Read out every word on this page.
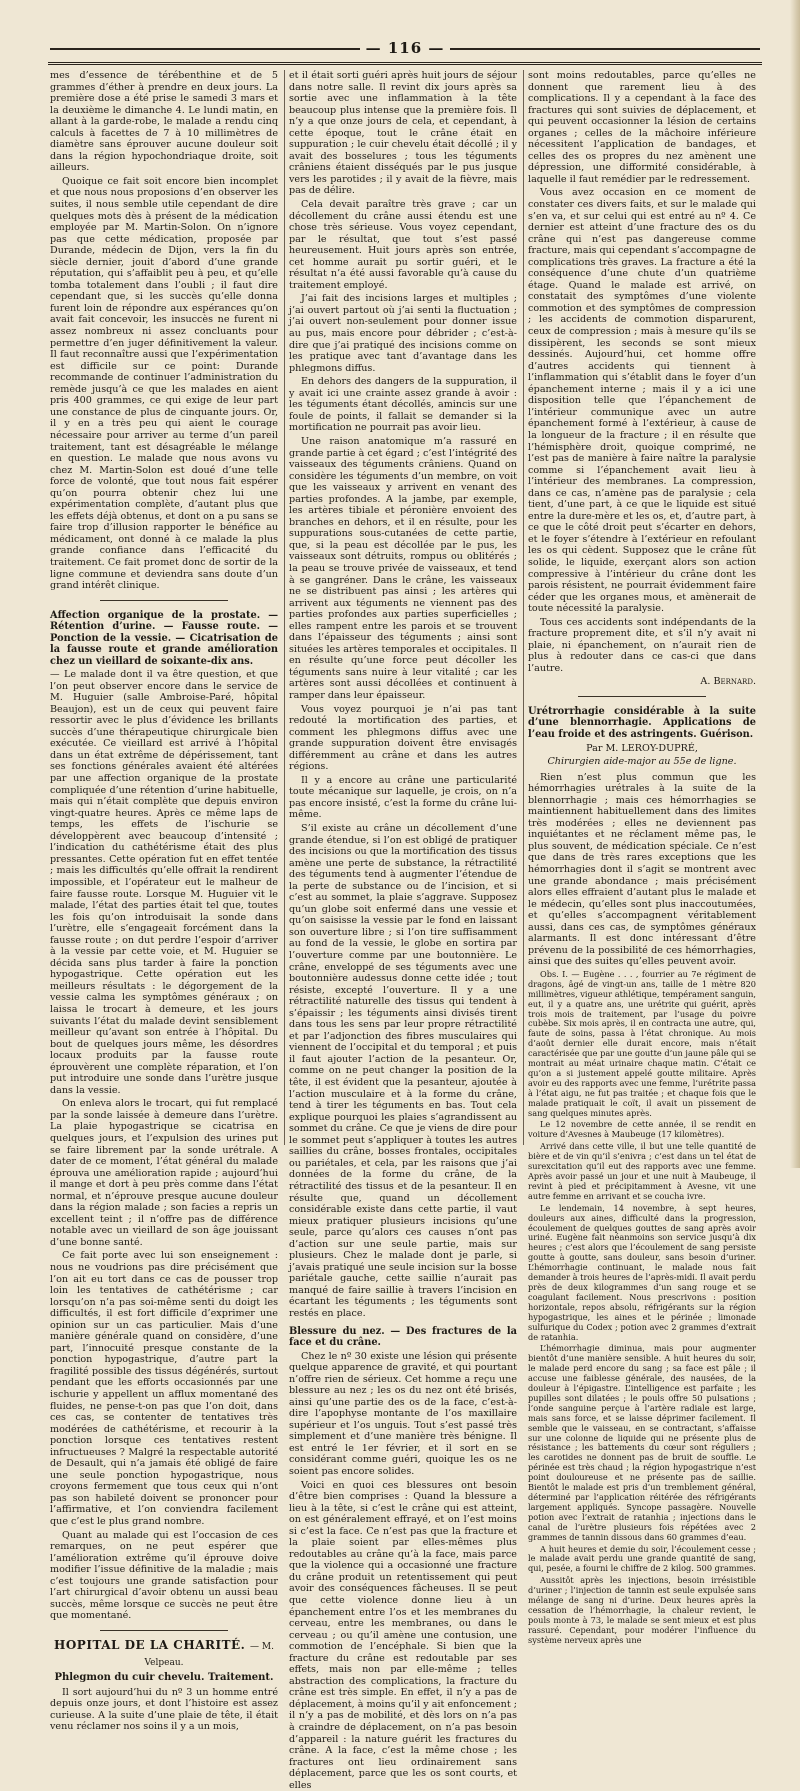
— 116 —

mes d’essence de térébenthine et de 5 grammes d’éther à prendre en deux jours. La première dose a été prise le samedi 3 mars et la deuxième le dimanche 4. Le lundi matin, en allant à la garde-robe, le malade a rendu cinq calculs à facettes de 7 à 10 millimètres de diamètre sans éprouver aucune douleur soit dans la région hypochondriaque droite, soit ailleurs.

Quoique ce fait soit encore bien incomplet et que nous nous proposions d’en observer les suites, il nous semble utile cependant de dire quelques mots dès à présent de la médication employée par M. Martin-Solon. On n’ignore pas que cette médication, proposée par Durande, médecin de Dijon, vers la fin du siècle dernier, jouit d’abord d’une grande réputation, qui s’affaiblit peu à peu, et qu’elle tomba totalement dans l’oubli ; il faut dire cependant que, si les succès qu’elle donna furent loin de répondre aux espérances qu’on avait fait concevoir, les insuccès ne furent ni assez nombreux ni assez concluants pour permettre d’en juger définitivement la valeur. Il faut reconnaître aussi que l’expérimentation est difficile sur ce point: Durande recommande de continuer l’administration du remède jusqu’à ce que les malades en aient pris 400 grammes, ce qui exige de leur part une constance de plus de cinquante jours. Or, il y en a très peu qui aient le courage nécessaire pour arriver au terme d’un pareil traitement, tant est désagréable le mélange en question. Le malade que nous avons vu chez M. Martin-Solon est doué d’une telle force de volonté, que tout nous fait espérer qu’on pourra obtenir chez lui une expérimentation complète, d’autant plus que les effets déjà obtenus, et dont on a pu sans se faire trop d’illusion rapporter le bénéfice au médicament, ont donné à ce malade la plus grande confiance dans l’efficacité du traitement. Ce fait promet donc de sortir de la ligne commune et deviendra sans doute d’un grand intérêt clinique.

Affection organique de la prostate. — Rétention d’urine. — Fausse route. — Ponction de la vessie. — Cicatrisation de la fausse route et grande amélioration chez un vieillard de soixante-dix ans.

— Le malade dont il va être question, et que l’on peut observer encore dans le service de M. Huguier (salle Ambroise-Paré, hôpital Beaujon), est un de ceux qui peuvent faire ressortir avec le plus d’évidence les brillants succès d’une thérapeutique chirurgicale bien exécutée. Ce vieillard est arrivé à l’hôpital dans un état extrême de dépérissement, tant ses fonctions générales avaient été altérées par une affection organique de la prostate compliquée d’une rétention d’urine habituelle, mais qui n’était complète que depuis environ vingt-quatre heures. Après ce même laps de temps, les effets de l’ischurie se développèrent avec beaucoup d’intensité ; l’indication du cathétérisme était des plus pressantes. Cette opération fut en effet tentée ; mais les difficultés qu’elle offrait la rendirent impossible, et l’opérateur eut le malheur de faire fausse route. Lorsque M. Huguier vit le malade, l’état des parties était tel que, toutes les fois qu’on introduisait la sonde dans l’urètre, elle s’engageait forcément dans la fausse route ; on dut perdre l’espoir d’arriver à la vessie par cette voie, et M. Huguier se décida sans plus tarder à faire la ponction hypogastrique. Cette opération eut les meilleurs résultats : le dégorgement de la vessie calma les symptômes généraux ; on laissa le trocart à demeure, et les jours suivants l’état du malade devint sensiblement meilleur qu’avant son entrée à l’hôpital. Du bout de quelques jours même, les désordres locaux produits par la fausse route éprouvèrent une complète réparation, et l’on put introduire une sonde dans l’urètre jusque dans la vessie.

On enleva alors le trocart, qui fut remplacé par la sonde laissée à demeure dans l’urètre. La plaie hypogastrique se cicatrisa en quelques jours, et l’expulsion des urines put se faire librement par la sonde urétrale. A dater de ce moment, l’état général du malade éprouva une amélioration rapide ; aujourd’hui il mange et dort à peu près comme dans l’état normal, et n’éprouve presque aucune douleur dans la région malade ; son facies a repris un excellent teint ; il n’offre pas de différence notable avec un vieillard de son âge jouissant d’une bonne santé.

Ce fait porte avec lui son enseignement : nous ne voudrions pas dire précisément que l’on ait eu tort dans ce cas de pousser trop loin les tentatives de cathétérisme ; car lorsqu’on n’a pas soi-même senti du doigt les difficultés, il est fort difficile d’exprimer une opinion sur un cas particulier. Mais d’une manière générale quand on considère, d’une part, l’innocuité presque constante de la ponction hypogastrique, d’autre part la fragilité possible des tissus dégénérés, surtout pendant que les efforts occasionnés par une ischurie y appellent un afflux momentané des fluides, ne pense-t-on pas que l’on doit, dans ces cas, se contenter de tentatives très modérées de cathétérisme, et recourir à la ponction lorsque ces tentatives restent infructueuses ? Malgré la respectable autorité de Desault, qui n’a jamais été obligé de faire une seule ponction hypogastrique, nous croyons fermement que tous ceux qui n’ont pas son habileté doivent se prononcer pour l’affirmative, et l’on conviendra facilement que c’est le plus grand nombre.

Quant au malade qui est l’occasion de ces remarques, on ne peut espérer que l’amélioration extrême qu’il éprouve doive modifier l’issue définitive de la maladie ; mais c’est toujours une grande satisfaction pour l’art chirurgical d’avoir obtenu un aussi beau succès, même lorsque ce succès ne peut être que momentané.

HOPITAL DE LA CHARITÉ. — M. Velpeau.
Phlegmon du cuir chevelu. Traitement.

Il sort aujourd’hui du nº 3 un homme entré depuis onze jours, et dont l’histoire est assez curieuse. A la suite d’une plaie de tête, il était venu réclamer nos soins il y a un mois,

et il était sorti guéri après huit jours de séjour dans notre salle. Il revint dix jours après sa sortie avec une inflammation à la tête beaucoup plus intense que la première fois. Il n’y a que onze jours de cela, et cependant, à cette époque, tout le crâne était en suppuration ; le cuir chevelu était décollé ; il y avait des bosselures ; tous les téguments crâniens étaient disséqués par le pus jusque vers les parotides ; il y avait de la fièvre, mais pas de délire.

Cela devait paraître très grave ; car un décollement du crâne aussi étendu est une chose très sérieuse. Vous voyez cependant, par le résultat, que tout s’est passé heureusement. Huit jours après son entrée, cet homme aurait pu sortir guéri, et le résultat n’a été aussi favorable qu’à cause du traitement employé.

J’ai fait des incisions larges et multiples ; j’ai ouvert partout où j’ai senti la fluctuation ; j’ai ouvert non-seulement pour donner issue au pus, mais encore pour débrider ; c’est-à-dire que j’ai pratiqué des incisions comme on les pratique avec tant d’avantage dans les phlegmons diffus.

En dehors des dangers de la suppuration, il y avait ici une crainte assez grande à avoir : les téguments étant décollés, amincis sur une foule de points, il fallait se demander si la mortification ne pourrait pas avoir lieu.

Une raison anatomique m’a rassuré en grande partie à cet égard ; c’est l’intégrité des vaisseaux des téguments crâniens. Quand on considère les téguments d’un membre, on voit que les vaisseaux y arrivent en venant des parties profondes. A la jambe, par exemple, les artères tibiale et péronière envoient des branches en dehors, et il en résulte, pour les suppurations sous-cutanées de cette partie, que, si la peau est décollée par le pus, les vaisseaux sont détruits, rompus ou oblitérés ; la peau se trouve privée de vaisseaux, et tend à se gangréner. Dans le crâne, les vaisseaux ne se distribuent pas ainsi ; les artères qui arrivent aux téguments ne viennent pas des parties profondes aux parties superficielles ; elles rampent entre les parois et se trouvent dans l’épaisseur des téguments ; ainsi sont situées les artères temporales et occipitales. Il en résulte qu’une force peut décoller les téguments sans nuire à leur vitalité ; car les artères sont aussi décollées et continuent à ramper dans leur épaisseur.

Vous voyez pourquoi je n’ai pas tant redouté la mortification des parties, et comment les phlegmons diffus avec une grande suppuration doivent être envisagés différemment au crâne et dans les autres régions.

Il y a encore au crâne une particularité toute mécanique sur laquelle, je crois, on n’a pas encore insisté, c’est la forme du crâne lui-même.

S’il existe au crâne un décollement d’une grande étendue, si l’on est obligé de pratiquer des incisions ou que la mortification des tissus amène une perte de substance, la rétractilité des téguments tend à augmenter l’étendue de la perte de substance ou de l’incision, et si c’est au sommet, la plaie s’aggrave. Supposez qu’un globe soit enfermé dans une vessie et qu’on saisisse la vessie par le fond en laissant son ouverture libre ; si l’on tire suffisamment au fond de la vessie, le globe en sortira par l’ouverture comme par une boutonnière. Le crâne, enveloppé de ses téguments avec une boutonnière audessus donne cette idée ; tout résiste, excepté l’ouverture. Il y a une rétractilité naturelle des tissus qui tendent à s’épaissir ; les téguments ainsi divisés tirent dans tous les sens par leur propre rétractilité et par l’adjonction des fibres musculaires qui viennent de l’occipital et du temporal ; et puis il faut ajouter l’action de la pesanteur. Or, comme on ne peut changer la position de la tête, il est évident que la pesanteur, ajoutée à l’action musculaire et à la forme du crâne, tend à tirer les téguments en bas. Tout cela explique pourquoi les plaies s’agrandissent au sommet du crâne. Ce que je viens de dire pour le sommet peut s’appliquer à toutes les autres saillies du crâne, bosses frontales, occipitales ou pariétales, et cela, par les raisons que j’ai données de la forme du crâne, de la rétractilité des tissus et de la pesanteur. Il en résulte que, quand un décollement considérable existe dans cette partie, il vaut mieux pratiquer plusieurs incisions qu’une seule, parce qu’alors ces causes n’ont pas d’action sur une seule partie, mais sur plusieurs. Chez le malade dont je parle, si j’avais pratiqué une seule incision sur la bosse pariétale gauche, cette saillie n’aurait pas manqué de faire saillie à travers l’incision en écartant les téguments ; les téguments sont restés en place.

Blessure du nez. — Des fractures de la face et du crâne.

Chez le nº 30 existe une lésion qui présente quelque apparence de gravité, et qui pourtant n’offre rien de sérieux. Cet homme a reçu une blessure au nez ; les os du nez ont été brisés, ainsi qu’une partie des os de la face, c’est-à-dire l’apophyse montante de l’os maxillaire supérieur et l’os unguis. Tout s’est passé très simplement et d’une manière très bénigne. Il est entré le 1er février, et il sort en se considérant comme guéri, quoique les os ne soient pas encore solides.

Voici en quoi ces blessures ont besoin d’être bien comprises : Quand la blessure a lieu à la tête, si c’est le crâne qui est atteint, on est généralement effrayé, et on l’est moins si c’est la face. Ce n’est pas que la fracture et la plaie soient par elles-mêmes plus redoutables au crâne qu’à la face, mais parce que la violence qui a occasionné une fracture du crâne produit un retentissement qui peut avoir des conséquences fâcheuses. Il se peut que cette violence donne lieu à un épanchement entre l’os et les membranes du cerveau, entre les membranes, ou dans le cerveau ; ou qu’il amène une contusion, une commotion de l’encéphale. Si bien que la fracture du crâne est redoutable par ses effets, mais non par elle-même ; telles abstraction des complications, la fracture du crâne est très simple. En effet, il n’y a pas de déplacement, à moins qu’il y ait enfoncement ; il n’y a pas de mobilité, et dès lors on n’a pas à craindre de déplacement, on n’a pas besoin d’appareil : la nature guérit les fractures du crâne. A la face, c’est la même chose ; les fractures ont lieu ordinairement sans déplacement, parce que les os sont courts, et elles

sont moins redoutables, parce qu’elles ne donnent que rarement lieu à des complications. Il y a cependant à la face des fractures qui sont suivies de déplacement, et qui peuvent occasionner la lésion de certains organes ; celles de la mâchoire inférieure nécessitent l’application de bandages, et celles des os propres du nez amènent une dépression, une difformité considérable, à laquelle il faut remédier par le redressement.

Vous avez occasion en ce moment de constater ces divers faits, et sur le malade qui s’en va, et sur celui qui est entré au nº 4. Ce dernier est atteint d’une fracture des os du crâne qui n’est pas dangereuse comme fracture, mais qui cependant s’accompagne de complications très graves. La fracture a été la conséquence d’une chute d’un quatrième étage. Quand le malade est arrivé, on constatait des symptômes d’une violente commotion et des symptômes de compression ; les accidents de commotion disparurent, ceux de compression ; mais à mesure qu’ils se dissipèrent, les seconds se sont mieux dessinés. Aujourd’hui, cet homme offre d’autres accidents qui tiennent à l’inflammation qui s’établit dans le foyer d’un épanchement interne ; mais il y a ici une disposition telle que l’épanchement de l’intérieur communique avec un autre épanchement formé à l’extérieur, à cause de la longueur de la fracture ; il en résulte que l’hémisphère droit, quoique comprimé, ne l’est pas de manière à faire naître la paralysie comme si l’épanchement avait lieu à l’intérieur des membranes. La compression, dans ce cas, n’amène pas de paralysie ; cela tient, d’une part, à ce que le liquide est situé entre la dure-mère et les os, et, d’autre part, à ce que le côté droit peut s’écarter en dehors, et le foyer s’étendre à l’extérieur en refoulant les os qui cèdent. Supposez que le crâne fût solide, le liquide, exerçant alors son action compressive à l’intérieur du crâne dont les parois résistent, ne pourrait évidemment faire céder que les organes mous, et amènerait de toute nécessité la paralysie.

Tous ces accidents sont indépendants de la fracture proprement dite, et s’il n’y avait ni plaie, ni épanchement, on n’aurait rien de plus à redouter dans ce cas-ci que dans l’autre.

A. Bernard.
Urétrorrhagie considérable à la suite d’une blennorrhagie. Applications de l’eau froide et des astringents. Guérison.
Par M. LEROY-DUPRÉ,
Chirurgien aide-major au 55e de ligne.

Rien n’est plus commun que les hémorrhagies urétrales à la suite de la blennorrhagie ; mais ces hémorrhagies se maintiennent habituellement dans des limites très modérées ; elles ne deviennent pas inquiétantes et ne réclament même pas, le plus souvent, de médication spéciale. Ce n’est que dans de très rares exceptions que les hémorrhagies dont il s’agit se montrent avec une grande abondance ; mais précisément alors elles effraient d’autant plus le malade et le médecin, qu’elles sont plus inaccoutumées, et qu’elles s’accompagnent véritablement aussi, dans ces cas, de symptômes généraux alarmants. Il est donc intéressant d’être prévenu de la possibilité de ces hémorrhagies, ainsi que des suites qu’elles peuvent avoir.

Obs. I. — Eugène . . . , fourrier au 7e régiment de dragons, âgé de vingt-un ans, taille de 1 mètre 820 millimètres, vigueur athlétique, tempérament sanguin, eut, il y a quatre ans, une urétrite qui guérit, après trois mois de traitement, par l’usage du poivre cubèbe. Six mois après, il en contracta une autre, qui, faute de soins, passa à l’état chronique. Au mois d’août dernier elle durait encore, mais n’était caractérisée que par une goutte d’un jaune pâle qui se montrait au méat urinaire chaque matin. C’était ce qu’on a si justement appelé goutte militaire. Après avoir eu des rapports avec une femme, l’urétrite passa à l’état aigu, ne fut pas traitée ; et chaque fois que le malade pratiquait le coït, il avait un pissement de sang quelques minutes après.

Le 12 novembre de cette année, il se rendit en voiture d’Avesnes à Maubeuge (17 kilomètres).

Arrivé dans cette ville, il but une telle quantité de bière et de vin qu’il s’enivra ; c’est dans un tel état de surexcitation qu’il eut des rapports avec une femme. Après avoir passé un jour et une nuit à Maubeuge, il revint à pied et précipitamment à Avesne, vit une autre femme en arrivant et se coucha ivre.

Le lendemain, 14 novembre, à sept heures, douleurs aux aines, difficulté dans la progression, écoulement de quelques gouttes de sang après avoir uriné. Eugène fait néanmoins son service jusqu’à dix heures ; c’est alors que l’écoulement de sang persiste goutte à goutte, sans douleur, sans besoin d’uriner. L’hémorrhagie continuant, le malade nous fait demander à trois heures de l’après-midi. Il avait perdu près de deux kilogrammes d’un sang rouge et se coagulant facilement. Nous prescrivons : position horizontale, repos absolu, réfrigérants sur la région hypogastrique, les aines et le périnée ; limonade sulfurique du Codex ; potion avec 2 grammes d’extrait de ratanhia.

L’hémorrhagie diminua, mais pour augmenter bientôt d’une manière sensible. A huit heures du soir, le malade perd encore du sang ; sa face est pâle ; il accuse une faiblesse générale, des nausées, de la douleur à l’épigastre. L’intelligence est parfaite ; les pupilles sont dilatées ; le pouls offre 50 pulsations ; l’onde sanguine perçue à l’artère radiale est large, mais sans force, et se laisse déprimer facilement. Il semble que le vaisseau, en se contractant, s’affaisse sur une colonne de liquide qui ne présente plus de résistance ; les battements du cœur sont réguliers ; les carotides ne donnent pas de bruit de souffle. Le périnée est très chaud ; la région hypogastrique n’est point douloureuse et ne présente pas de saillie. Bientôt le malade est pris d’un tremblement général, déterminé par l’application réitérée des réfrigérants largement appliqués. Syncope passagère. Nouvelle potion avec l’extrait de ratanhia ; injections dans le canal de l’urètre plusieurs fois répétées avec 2 grammes de tannin dissous dans 60 grammes d’eau.

A huit heures et demie du soir, l’écoulement cesse ; le malade avait perdu une grande quantité de sang, qui, pesée, a fourni le chiffre de 2 kilog. 500 grammes.

Aussitôt après les injections, besoin irrésistible d’uriner ; l’injection de tannin est seule expulsée sans mélange de sang ni d’urine. Deux heures après la cessation de l’hémorrhagie, la chaleur revient, le pouls monte à 73, le malade se sent mieux et est plus rassuré. Cependant, pour modérer l’influence du système nerveux après une
